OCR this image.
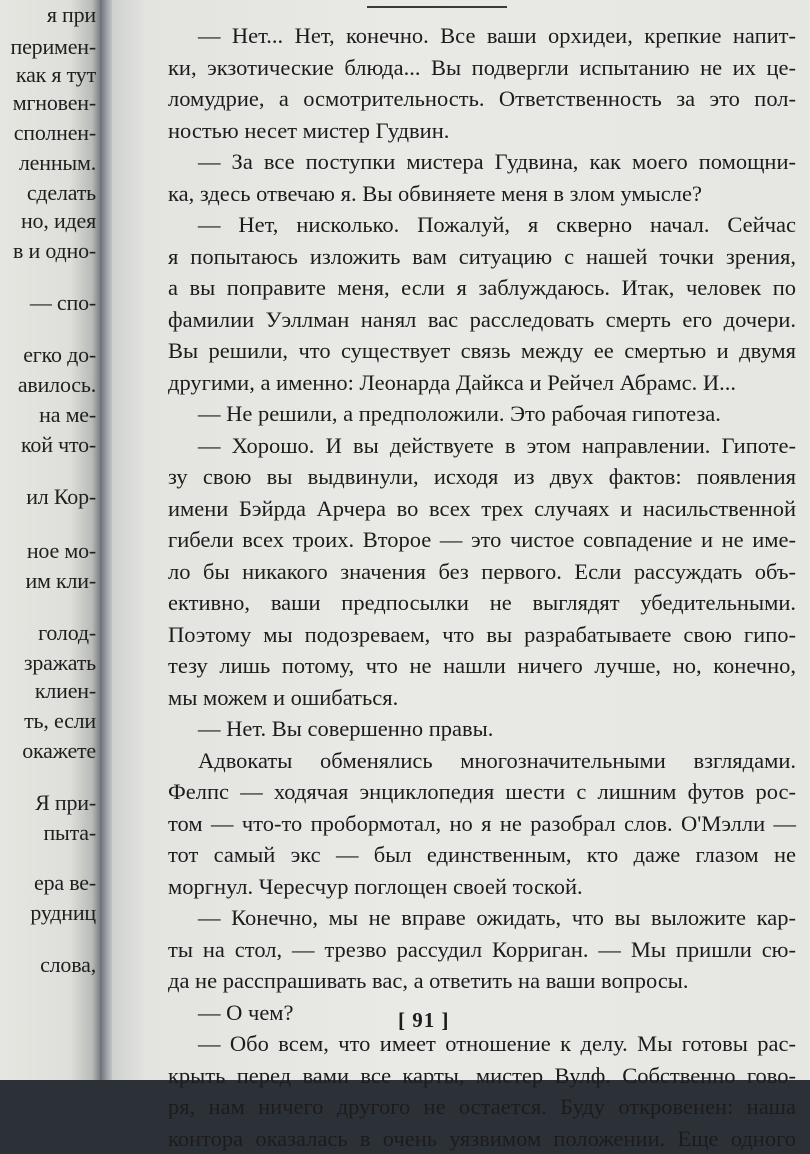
я при
перимен-
как я тут
мгновен-
сполнен-
ленным.
сделать
но, идея
в и одно-
— спо-
егко до-
авилось.
на ме-
кой что-
ил Кор-
ное мо-
им кли-
голод-
зражать
клиен-
ть, если
окажете
Я при-
пыта-
ера ве-
рудниц
слова,
— Нет... Нет, конечно. Все ваши орхидеи, крепкие напит-
ки, экзотические блюда... Вы подвергли испытанию не их це-
ломудрие, а осмотрительность. Ответственность за это пол-
ностью несет мистер Гудвин.
— За все поступки мистера Гудвина, как моего помощни-
ка, здесь отвечаю я. Вы обвиняете меня в злом умысле?
— Нет, нисколько. Пожалуй, я скверно начал. Сейчас
я попытаюсь изложить вам ситуацию с нашей точки зрения,
а вы поправите меня, если я заблуждаюсь. Итак, человек по
фамилии Уэллман нанял вас расследовать смерть его дочери.
Вы решили, что существует связь между ее смертью и двумя
другими, а именно: Леонарда Дайкса и Рейчел Абрамс. И...
— Не решили, а предположили. Это рабочая гипотеза.
— Хорошо. И вы действуете в этом направлении. Гипоте-
зу свою вы выдвинули, исходя из двух фактов: появления
имени Бэйрда Арчера во всех трех случаях и насильственной
гибели всех троих. Второе — это чистое совпадение и не име-
ло бы никакого значения без первого. Если рассуждать объ-
ективно, ваши предпосылки не выглядят убедительными.
Поэтому мы подозреваем, что вы разрабатываете свою гипо-
тезу лишь потому, что не нашли ничего лучше, но, конечно,
мы можем и ошибаться.
— Нет. Вы совершенно правы.
Адвокаты обменялись многозначительными взглядами.
Фелпс — ходячая энциклопедия шести с лишним футов рос-
том — что-то пробормотал, но я не разобрал слов. О'Мэлли —
тот самый экс — был единственным, кто даже глазом не
моргнул. Чересчур поглощен своей тоской.
— Конечно, мы не вправе ожидать, что вы выложите кар-
ты на стол, — трезво рассудил Корриган. — Мы пришли сю-
да не расспрашивать вас, а ответить на ваши вопросы.
— О чем?
— Обо всем, что имеет отношение к делу. Мы готовы рас-
крыть перед вами все карты, мистер Вулф. Собственно гово-
ря, нам ничего другого не остается. Буду откровенен: наша
контора оказалась в очень уязвимом положении. Еще одного
[ 91 ]
